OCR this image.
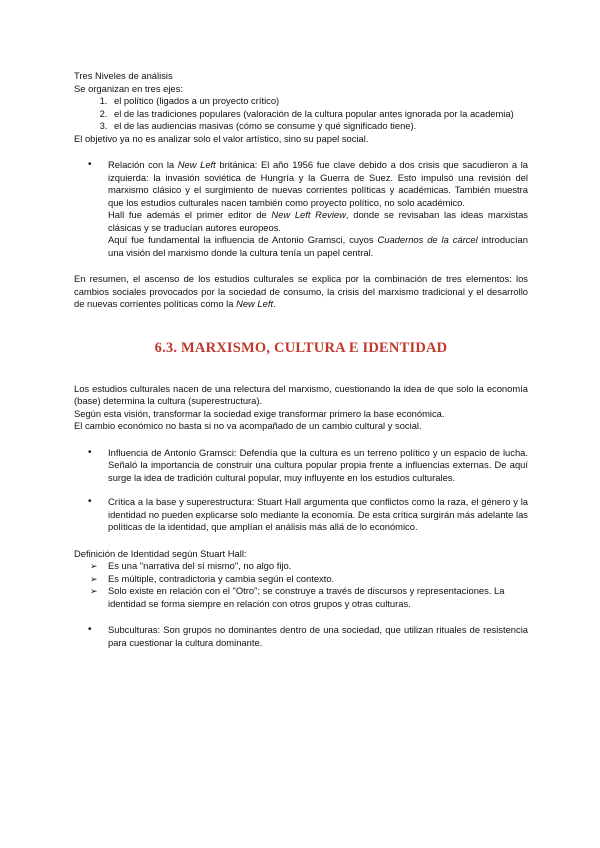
Tres Niveles de análisis

Se organizan en tres ejes:

1. el político (ligados a un proyecto crítico)
2. el de las tradiciones populares (valoración de la cultura popular antes ignorada por la academia)
3. el de las audiencias masivas (cómo se consume y qué significado tiene).

El objetivo ya no es analizar solo el valor artístico, sino su papel social.

• Relación con la New Left británica: El año 1956 fue clave debido a dos crisis que sacudieron a la izquierda: la invasión soviética de Hungría y la Guerra de Suez. Esto impulsó una revisión del marxismo clásico y el surgimiento de nuevas corrientes políticas y académicas. También muestra que los estudios culturales nacen también como proyecto político, no solo académico.
Hall fue además el primer editor de New Left Review, donde se revisaban las ideas marxistas clásicas y se traducían autores europeos.
Aquí fue fundamental la influencia de Antonio Gramsci, cuyos Cuadernos de la cárcel introducían una visión del marxismo donde la cultura tenía un papel central.

En resumen, el ascenso de los estudios culturales se explica por la combinación de tres elementos: los cambios sociales provocados por la sociedad de consumo, la crisis del marxismo tradicional y el desarrollo de nuevas corrientes políticas como la New Left.

6.3. MARXISMO, CULTURA E IDENTIDAD

Los estudios culturales nacen de una relectura del marxismo, cuestionando la idea de que solo la economía (base) determina la cultura (superestructura).

Según esta visión, transformar la sociedad exige transformar primero la base económica.

El cambio económico no basta si no va acompañado de un cambio cultural y social.

• Influencia de Antonio Gramsci: Defendía que la cultura es un terreno político y un espacio de lucha. Señaló la importancia de construir una cultura popular propia frente a influencias externas. De aquí surge la idea de tradición cultural popular, muy influyente en los estudios culturales.
• Crítica a la base y superestructura: Stuart Hall argumenta que conflictos como la raza, el género y la identidad no pueden explicarse solo mediante la economía. De esta crítica surgirán más adelante las políticas de la identidad, que amplían el análisis más allá de lo económico.

Definición de Identidad según Stuart Hall:

➢ Es una "narrativa del sí mismo", no algo fijo.
➢ Es múltiple, contradictoria y cambia según el contexto.
➢ Solo existe en relación con el "Otro"; se construye a través de discursos y representaciones. La identidad se forma siempre en relación con otros grupos y otras culturas.
• Subculturas: Son grupos no dominantes dentro de una sociedad, que utilizan rituales de resistencia para cuestionar la cultura dominante.
